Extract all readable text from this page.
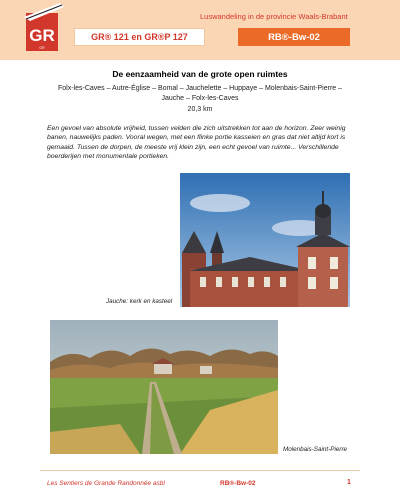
GR
GR
Luswandeling in de provincie Waals-Brabant
GR® 121 en GR®P 127	RB®-Bw-02
De eenzaamheid van de grote open ruimtes
Folx-les-Caves – Autre-Église – Bomal – Jauchelette – Huppaye – Molenbais-Saint-Pierre –
Jauche – Folx-les-Caves
20,3 km
Een gevoel van absolute vrijheid, tussen velden die zich uitstrekken tot aan de horizon. Zeer weinig banen, nauwelijks paden. Vooral wegen, met een flinke portie kasseien en gras dat niet altijd kort is gemaaid. Tussen de dorpen, de meeste vrij klein zijn, een echt gevoel van ruimte... Verschillende boerderijen met monumentale portieken.
Jauche: kerk en kasteel
Molenbais-Saint-Pierre
Les Sentiers de Grande Randonnée asbl	RB®-Bw-02	1
